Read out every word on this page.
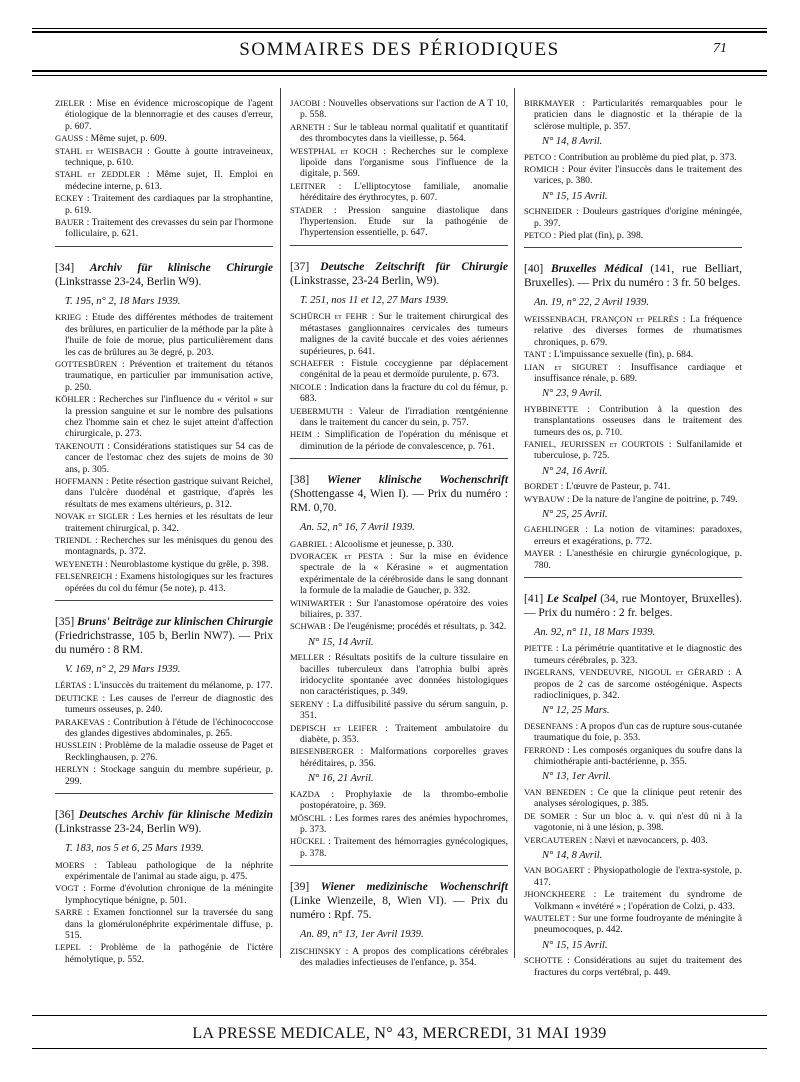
SOMMAIRES DES PÉRIODIQUES	71

ZIELER : Mise en évidence microscopique de l'agent étiologique de la blennorragie et des causes d'erreur, p. 607.

GAUSS : Même sujet, p. 609.

STAHL et WEISBACH : Goutte à goutte intraveineux, technique, p. 610.

STAHL et ZEDDLER : Même sujet, II. Emploi en médecine interne, p. 613.

ECKEY : Traitement des cardiaques par la strophantine, p. 619.

BAUER : Traitement des crevasses du sein par l'hormone folliculaire, p. 621.

[34] Archiv für klinische Chirurgie (Linkstrasse 23-24, Berlin W9).

T. 195, n° 2, 18 Mars 1939.

KRIEG : Etude des différentes méthodes de traitement des brûlures, en particulier de la méthode par la pâte à l'huile de foie de morue, plus particulièrement dans les cas de brûlures au 3e degré, p. 203.

GOTTESBÜREN : Prévention et traitement du tétanos traumatique, en particulier par immunisation active, p. 250.

KÖHLER : Recherches sur l'influence du « véritol » sur la pression sanguine et sur le nombre des pulsations chez l'homme sain et chez le sujet atteint d'affection chirurgicale, p. 273.

TAKENOUTI : Considérations statistiques sur 54 cas de cancer de l'estomac chez des sujets de moins de 30 ans, p. 305.

HOFFMANN : Petite résection gastrique suivant Reichel, dans l'ulcère duodénal et gastrique, d'après les résultats de mes examens ultérieurs, p. 312.

NOVAK et SIGLER : Les hernies et les résultats de leur traitement chirurgical, p. 342.

TRIENDL : Recherches sur les ménisques du genou des montagnards, p. 372.

WEYENETH : Neuroblastome kystique du grêle, p. 398.

FELSENREICH : Examens histologiques sur les fractures opérées du col du fémur (5e note), p. 413.

[35] Bruns' Beiträge zur klinischen Chirurgie (Friedrichstrasse, 105 b, Berlin NW7). — Prix du numéro : 8 RM.

V. 169, n° 2, 29 Mars 1939.

LÉRTAS : L'insuccès du traitement du mélanome, p. 177.

DEUTICKE : Les causes de l'erreur de diagnostic des tumeurs osseuses, p. 240.

PARAKEVAS : Contribution à l'étude de l'échinococcose des glandes digestives abdominales, p. 265.

HUSSLEIN : Problème de la maladie osseuse de Paget et Recklinghausen, p. 276.

HERLYN : Stockage sanguin du membre supérieur, p. 299.

[36] Deutsches Archiv für klinische Medizin (Linkstrasse 23-24, Berlin W9).

T. 183, nos 5 et 6, 25 Mars 1939.

MOERS : Tableau pathologique de la néphrite expérimentale de l'animal au stade aigu, p. 475.

VOGT : Forme d'évolution chronique de la méningite lymphocytique bénigne, p. 501.

SARRE : Examen fonctionnel sur la traversée du sang dans la glomérulonéphrite expérimentale diffuse, p. 515.

LEPEL : Problème de la pathogénie de l'ictère hémolytique, p. 552.

JACOBI : Nouvelles observations sur l'action de A T 10, p. 558.

ARNETH : Sur le tableau normal qualitatif et quantitatif des thrombocytes dans la vieillesse, p. 564.

WESTPHAL et KOCH : Recherches sur le complexe lipoïde dans l'organisme sous l'influence de la digitale, p. 569.

LEITNER : L'elliptocytose familiale, anomalie héréditaire des érythrocytes, p. 607.

STADER : Pression sanguine diastolique dans l'hypertension. Etude sur la pathogénie de l'hypertension essentielle, p. 647.

[37] Deutsche Zeitschrift für Chirurgie (Linkstrasse, 23-24 Berlin, W9).

T. 251, nos 11 et 12, 27 Mars 1939.

SCHÜRCH et FEHR : Sur le traitement chirurgical des métastases ganglionnaires cervicales des tumeurs malignes de la cavité buccale et des voies aériennes supérieures, p. 641.

SCHAEFER : Fistule coccygienne par déplacement congénital de la peau et dermoïde purulente, p. 673.

NICOLE : Indication dans la fracture du col du fémur, p. 683.

UEBERMUTH : Valeur de l'irradiation rœntgénienne dans le traitement du cancer du sein, p. 757.

HEIM : Simplification de l'opération du ménisque et diminution de la période de convalescence, p. 761.

[38] Wiener klinische Wochenschrift (Shottengasse 4, Wien I). — Prix du numéro : RM. 0,70.

An. 52, n° 16, 7 Avril 1939.

GABRIEL : Alcoolisme et jeunesse, p. 330.

DVORACEK et PESTA : Sur la mise en évidence spectrale de la « Kérasine » et augmentation expérimentale de la cérébroside dans le sang donnant la formule de la maladie de Gaucher, p. 332.

WINIWARTER : Sur l'anastomose opératoire des voies biliaires, p. 337.

SCHWAB : De l'eugénisme; procédés et résultats, p. 342.

N° 15, 14 Avril.

MELLER : Résultats positifs de la culture tissulaire en bacilles tuberculeux dans l'atrophia bulbi après iridocyclite spontanée avec données histologiques non caractéristiques, p. 349.

SERENY : La diffusibilité passive du sérum sanguin, p. 351.

DEPISCH et LEIFER : Traitement ambulatoire du diabète, p. 353.

BIESENBERGER : Malformations corporelles graves héréditaires, p. 356.

N° 16, 21 Avril.

KAZDA : Prophylaxie de la thrombo-embolie postopératoire, p. 369.

MÖSCHL : Les formes rares des anémies hypochromes, p. 373.

HÜCKEL : Traitement des hémorragies gynécologiques, p. 378.

[39] Wiener medizinische Wochenschrift (Linke Wienzeile, 8, Wien VI). — Prix du numéro : Rpf. 75.

An. 89, n° 13, 1er Avril 1939.

ZISCHINSKY : A propos des complications cérébrales des maladies infectieuses de l'enfance, p. 354.

BIRKMAYER : Particularités remarquables pour le praticien dans le diagnostic et la thérapie de la sclérose multiple, p. 357.

N° 14, 8 Avril.

PETCO : Contribution au problème du pied plat, p. 373.

ROMICH : Pour éviter l'insuccès dans le traitement des varices, p. 380.

N° 15, 15 Avril.

SCHNEIDER : Douleurs gastriques d'origine méningée, p. 397.

PETCO : Pied plat (fin), p. 398.

[40] Bruxelles Médical (141, rue Belliart, Bruxelles). — Prix du numéro : 3 fr. 50 belges.

An. 19, n° 22, 2 Avril 1939.

WEISSENBACH, FRANÇON et PELRÈS : La fréquence relative des diverses formes de rhumatismes chroniques, p. 679.

TANT : L'impuissance sexuelle (fin), p. 684.

LIAN et SIGURET : Insuffisance cardiaque et insuffisance rénale, p. 689.

N° 23, 9 Avril.

HYBBINETTE : Contribution à la question des transplantations osseuses dans le traitement des tumeurs des os, p. 710.

FANIEL, JEURISSEN et COURTOIS : Sulfanilamide et tuberculose, p. 725.

N° 24, 16 Avril.

BORDET : L'œuvre de Pasteur, p. 741.

WYBAUW : De la nature de l'angine de poitrine, p. 749.

N° 25, 25 Avril.

GAEHLINGER : La notion de vitamines: paradoxes, erreurs et exagérations, p. 772.

MAYER : L'anesthésie en chirurgie gynécologique, p. 780.

[41] Le Scalpel (34, rue Montoyer, Bruxelles). — Prix du numéro : 2 fr. belges.

An. 92, n° 11, 18 Mars 1939.

PIETTE : La périmétrie quantitative et le diagnostic des tumeurs cérébrales, p. 323.

INGELRANS, VENDEUVRE, NIGOUL et GÉRARD : A propos de 2 cas de sarcome ostéogénique. Aspects radiocliniques, p. 342.

N° 12, 25 Mars.

DESENFANS : A propos d'un cas de rupture sous-cutanée traumatique du foie, p. 353.

FERROND : Les composés organiques du soufre dans la chimiothérapie anti-bactérienne, p. 355.

N° 13, 1er Avril.

VAN BENEDEN : Ce que la clinique peut retenir des analyses sérologiques, p. 385.

DE SOMER : Sur un bloc a. v. qui n'est dû ni à la vagotonie, ni à une lésion, p. 398.

VERCAUTEREN : Nævi et nævocancers, p. 403.

N° 14, 8 Avril.

VAN BOGAERT : Physiopathologie de l'extra-systole, p. 417.

JHONCKHEERE : Le traitement du syndrome de Volkmann « invétéré » ; l'opération de Colzi, p. 433.

WAUTELET : Sur une forme foudroyante de méningite à pneumocoques, p. 442.

N° 15, 15 Avril.

SCHOTTE : Considérations au sujet du traitement des fractures du corps vertébral, p. 449.

LA PRESSE MEDICALE, N° 43, MERCREDI, 31 MAI 1939
